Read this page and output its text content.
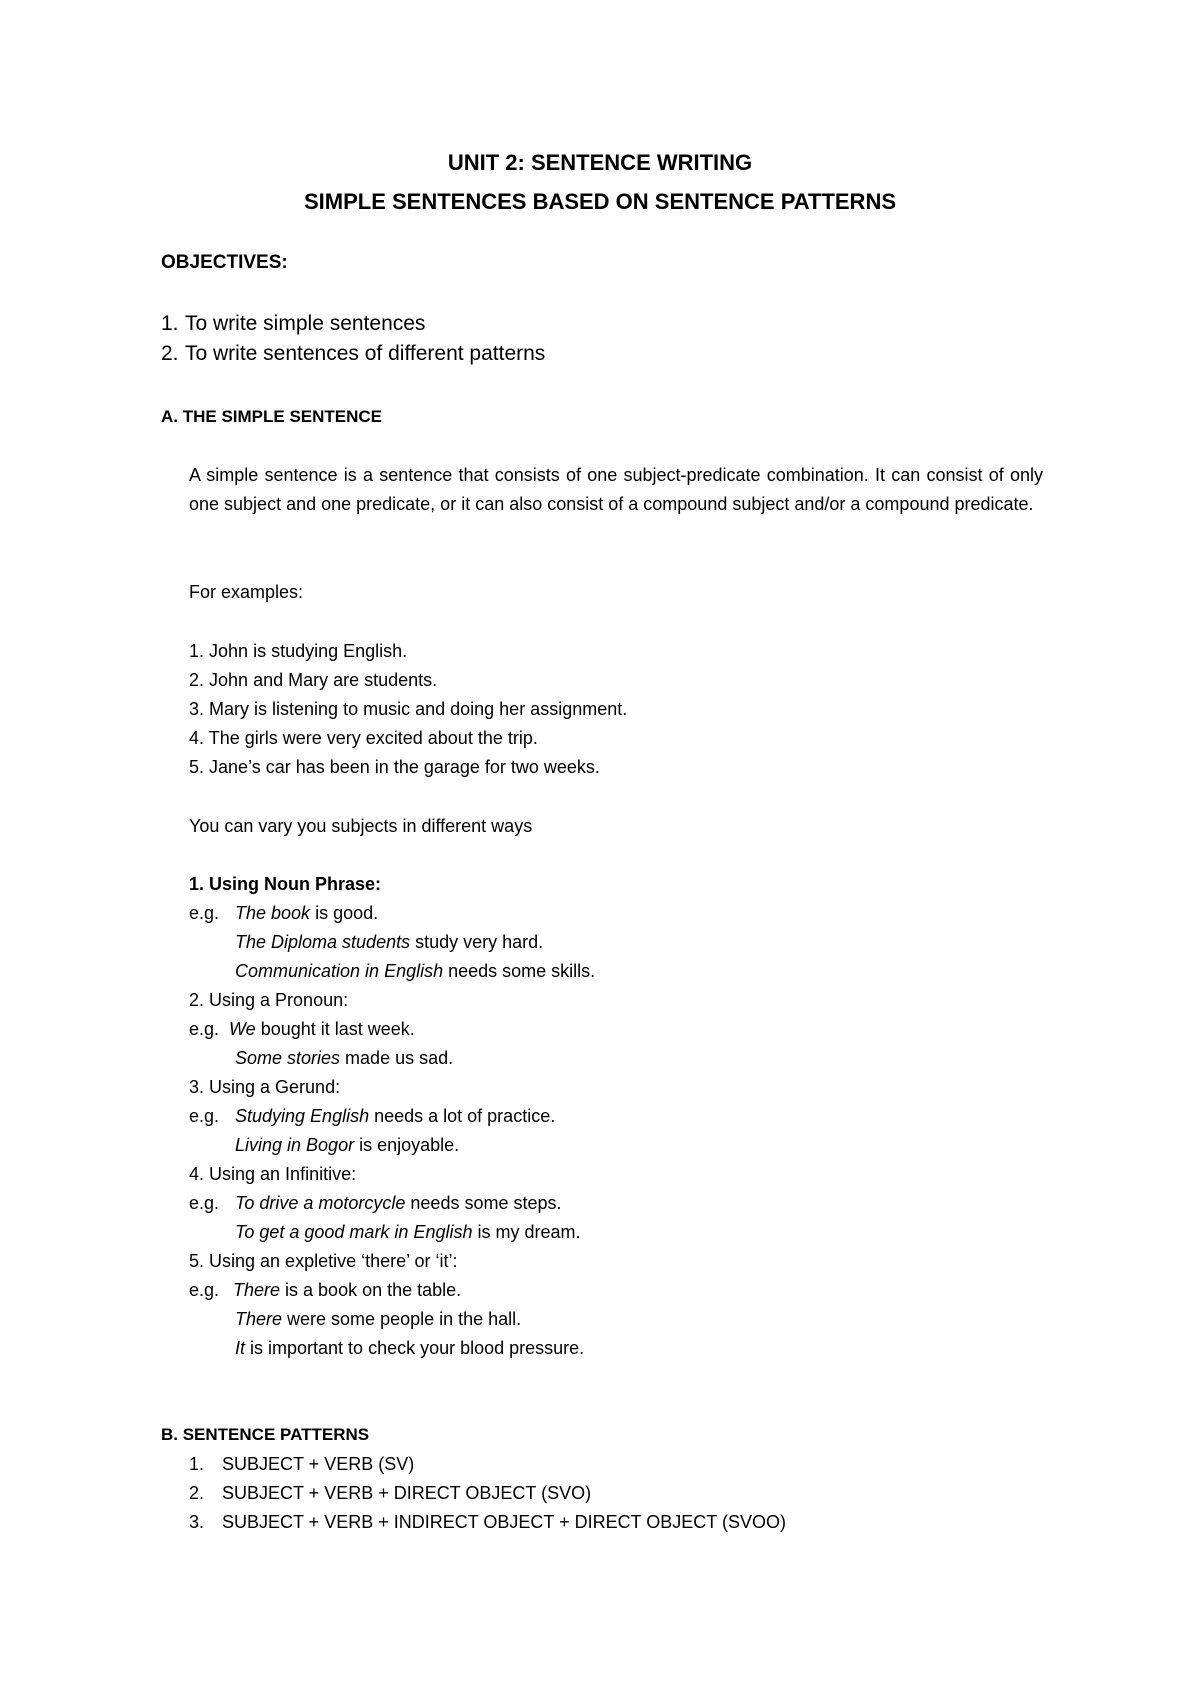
UNIT 2: SENTENCE WRITING
SIMPLE SENTENCES BASED ON SENTENCE PATTERNS
OBJECTIVES:
1. To write simple sentences
2. To write sentences of different patterns
A. THE SIMPLE SENTENCE

A simple sentence is a sentence that consists of one subject-predicate combination. It can consist of only one subject and one predicate, or it can also consist of a compound subject and/or a compound predicate.

For examples:
1. John is studying English.
2. John and Mary are students.
3. Mary is listening to music and doing her assignment.
4. The girls were very excited about the trip.
5. Jane’s car has been in the garage for two weeks.
You can vary you subjects in different ways
1. Using Noun Phrase:
e.g. The book is good.
The Diploma students study very hard.
Communication in English needs some skills.
2. Using a Pronoun:
e.g. We bought it last week.
Some stories made us sad.
3. Using a Gerund:
e.g. Studying English needs a lot of practice.
Living in Bogor is enjoyable.
4. Using an Infinitive:
e.g. To drive a motorcycle needs some steps.
To get a good mark in English is my dream.
5. Using an expletive ‘there’ or ‘it’:
e.g. There is a book on the table.
There were some people in the hall.
It is important to check your blood pressure.
B. SENTENCE PATTERNS
1. SUBJECT + VERB (SV)
2. SUBJECT + VERB + DIRECT OBJECT (SVO)
3. SUBJECT + VERB + INDIRECT OBJECT + DIRECT OBJECT (SVOO)
